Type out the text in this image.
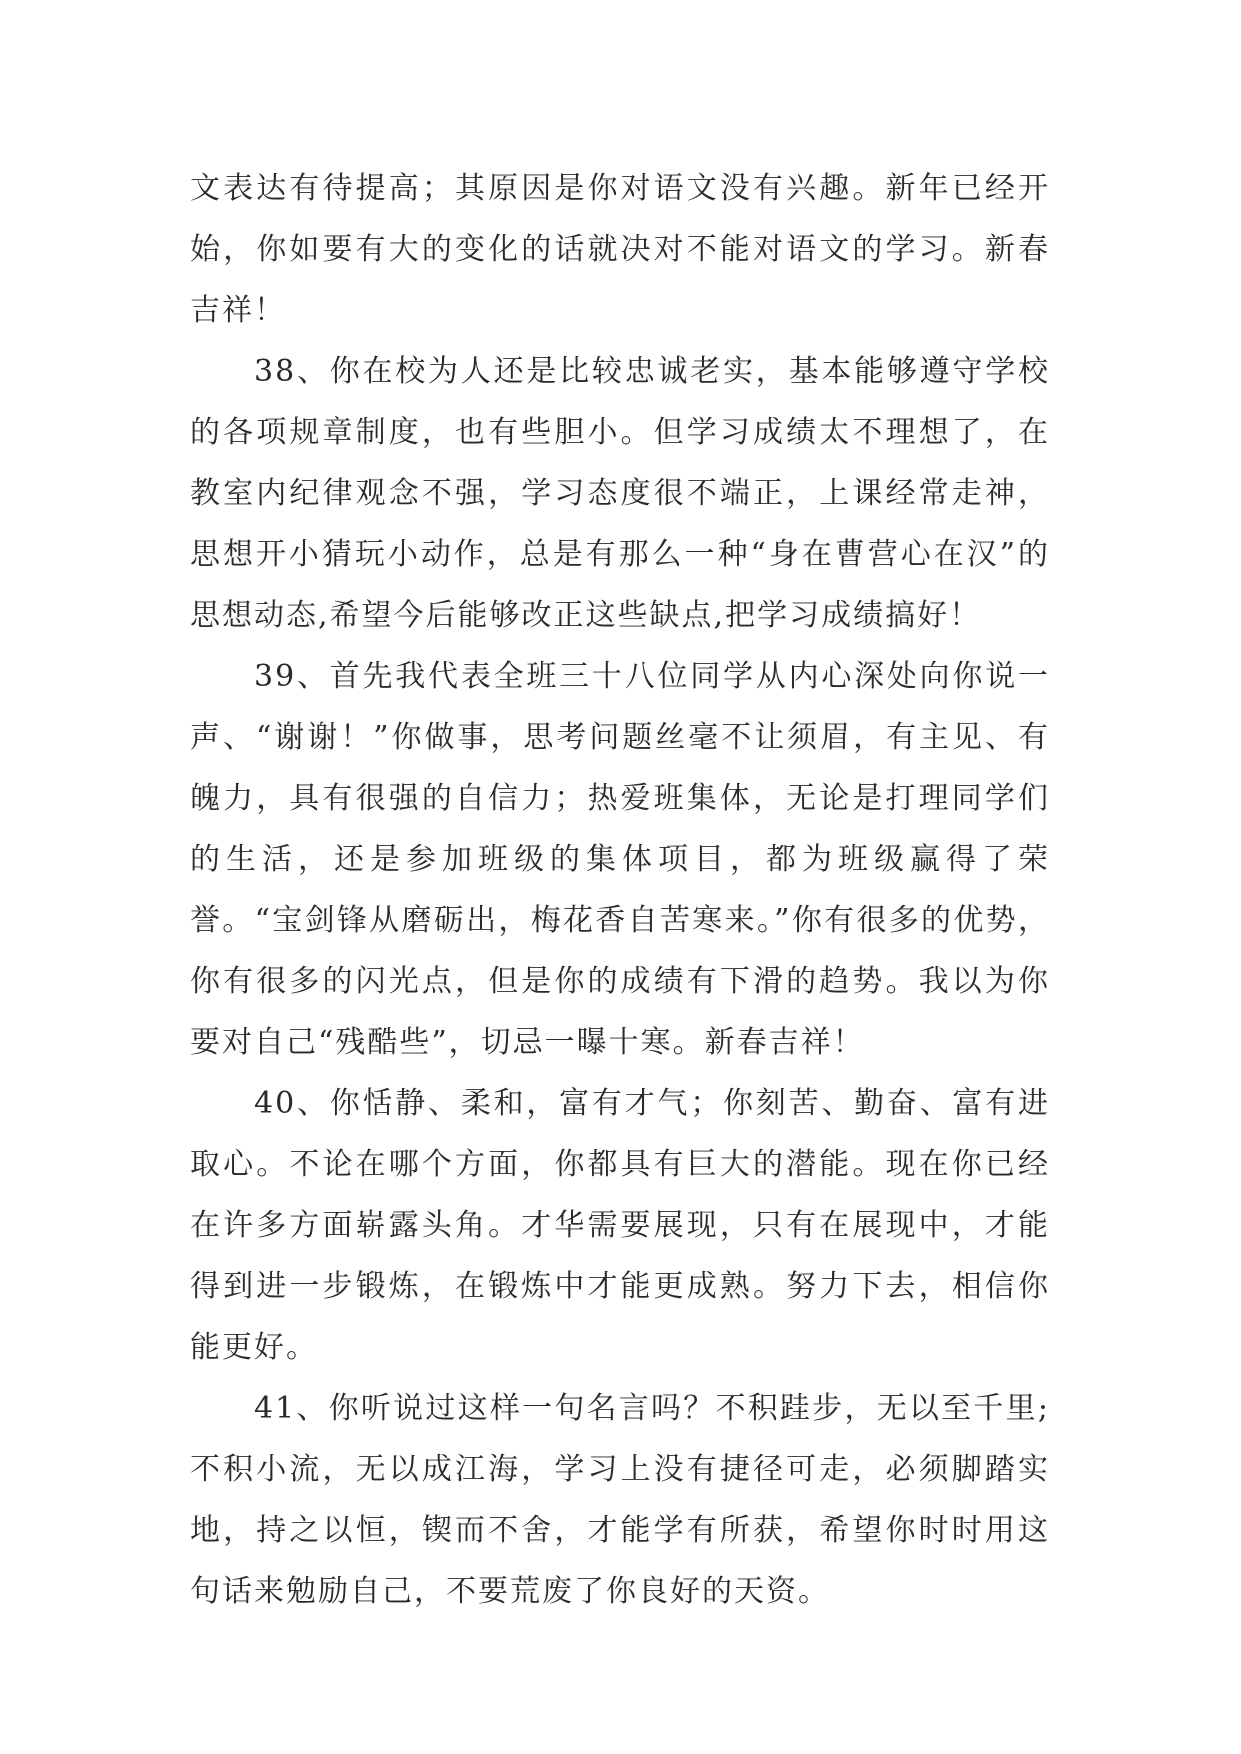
文表达有待提高；其原因是你对语文没有兴趣。新年已经开始，你如要有大的变化的话就决对不能对语文的学习。新春吉祥！

38、你在校为人还是比较忠诚老实，基本能够遵守学校的各项规章制度，也有些胆小。但学习成绩太不理想了，在教室内纪律观念不强，学习态度很不端正，上课经常走神，思想开小猜玩小动作，总是有那么一种“身在曹营心在汉”的思想动态,希望今后能够改正这些缺点,把学习成绩搞好！

39、首先我代表全班三十八位同学从内心深处向你说一声、“谢谢！”你做事，思考问题丝毫不让须眉，有主见、有魄力，具有很强的自信力；热爱班集体，无论是打理同学们的生活，还是参加班级的集体项目，都为班级赢得了荣誉。“宝剑锋从磨砺出，梅花香自苦寒来。”你有很多的优势，你有很多的闪光点，但是你的成绩有下滑的趋势。我以为你要对自己“残酷些”，切忌一曝十寒。新春吉祥！

40、你恬静、柔和，富有才气；你刻苦、勤奋、富有进取心。不论在哪个方面，你都具有巨大的潜能。现在你已经在许多方面崭露头角。才华需要展现，只有在展现中，才能得到进一步锻炼，在锻炼中才能更成熟。努力下去，相信你能更好。

41、你听说过这样一句名言吗？不积跬步，无以至千里;不积小流，无以成江海，学习上没有捷径可走，必须脚踏实地，持之以恒，锲而不舍，才能学有所获，希望你时时用这句话来勉励自己，不要荒废了你良好的天资。
